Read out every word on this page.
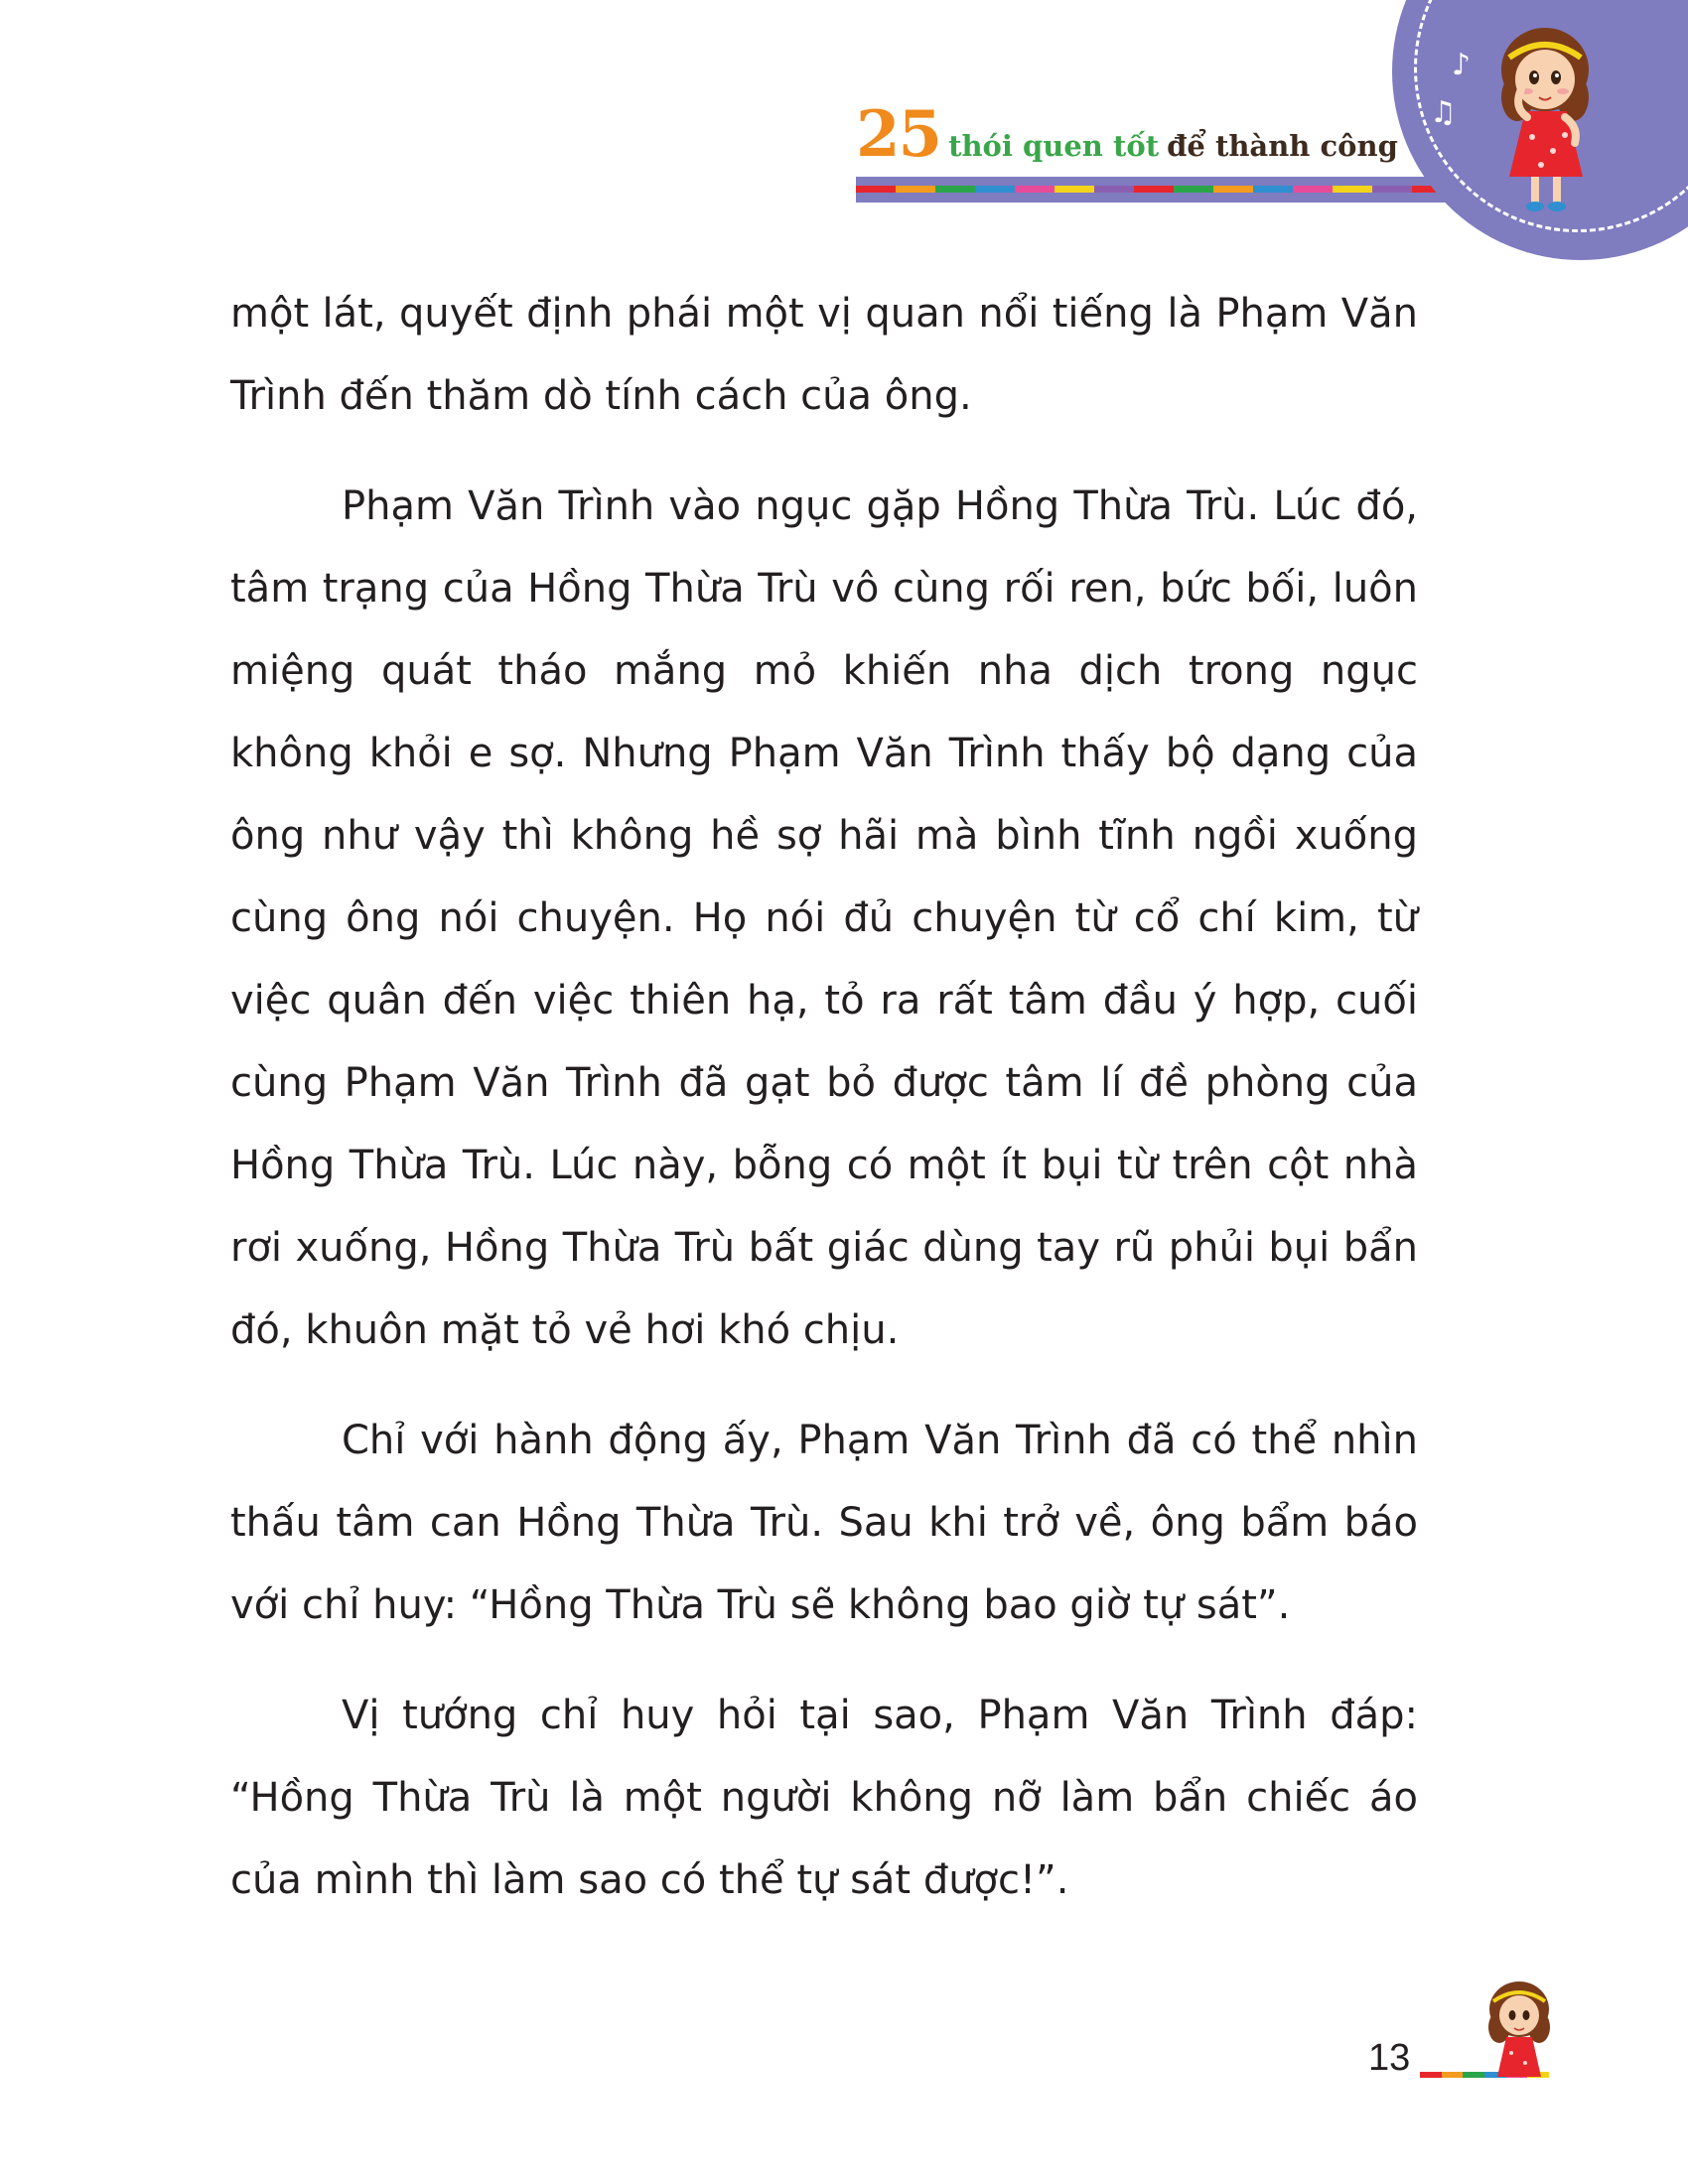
♪
♫
25 thói quen tốt để thành công

một lát, quyết định phái một vị quan nổi tiếng là Phạm Văn Trình đến thăm dò tính cách của ông.

Phạm Văn Trình vào ngục gặp Hồng Thừa Trù. Lúc đó, tâm trạng của Hồng Thừa Trù vô cùng rối ren, bức bối, luôn miệng quát tháo mắng mỏ khiến nha dịch trong ngục không khỏi e sợ. Nhưng Phạm Văn Trình thấy bộ dạng của ông như vậy thì không hề sợ hãi mà bình tĩnh ngồi xuống cùng ông nói chuyện. Họ nói đủ chuyện từ cổ chí kim, từ việc quân đến việc thiên hạ, tỏ ra rất tâm đầu ý hợp, cuối cùng Phạm Văn Trình đã gạt bỏ được tâm lí đề phòng của Hồng Thừa Trù. Lúc này, bỗng có một ít bụi từ trên cột nhà rơi xuống, Hồng Thừa Trù bất giác dùng tay rũ phủi bụi bẩn đó, khuôn mặt tỏ vẻ hơi khó chịu.

Chỉ với hành động ấy, Phạm Văn Trình đã có thể nhìn thấu tâm can Hồng Thừa Trù. Sau khi trở về, ông bẩm báo với chỉ huy: “Hồng Thừa Trù sẽ không bao giờ tự sát”.

Vị tướng chỉ huy hỏi tại sao, Phạm Văn Trình đáp: “Hồng Thừa Trù là một người không nỡ làm bẩn chiếc áo của mình thì làm sao có thể tự sát được!”.

13
